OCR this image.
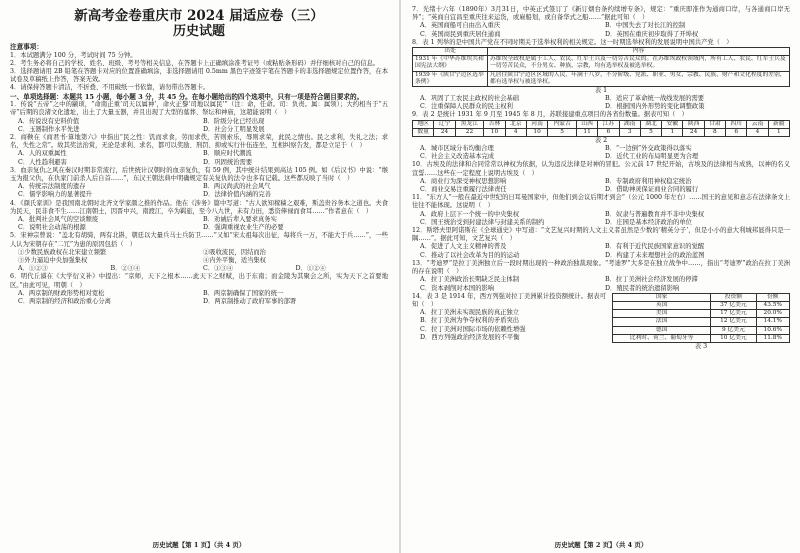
新高考金卷重庆市 2024 届适应卷（三）
历史试题
注意事项：
1．本试题满分 100 分，考试时间 75 分钟。
2．考生务必将自己的学校、姓名、班级、考号等相关信息，在答题卡上正确填涂准考证号（或粘贴条形码）并仔细核对自己的信息。
3．选择题请用 2B 铅笔在答题卡对应的位置准确填涂，非选择题请用 0.5mm 黑色字迹签字笔在答题卡的非选择题规定位置作答，在本试卷及草稿纸上作答，答案无效。
4．请保持答题卡清洁，不折叠、不用破纸一书依靠，请勿带出答题卡。
一、单项选择题：本题共 15 小题，每小题 3 分，共 45 分。在每小题给出的四个选项中，只有一项是符合题目要求的。
1．传说“五帝”之中的颛顼，“命南正重‘司天以属神’，命火正黎‘司地以属民’”（注：命，任命。司：负责。属：属领）；大约相当于“五帝”后期的良渚文化遗址，出土了大量玉器，并且出现了大型的墓葬、祭坛和神庙，这超能说明（　）
A．传说没有史料价值	B．阶级分化已经出现
C．玉器制作水平先进	D．社会分工明显发展
2．商鞅在《商君书·算地第六》中指出“民之性：饥而求食，劳而求佚，苦则索乐，辱则求荣，此民之情也。民之求利，失礼之法；求名，失性之常”。故其奖法治赏，无论是求利、求名，都可以奖励、刑罚、抑或实行什伍连坐，互相纠察告发，都是立足于（　）
A．人的双重属性	B．顺应时代潮流
C．人性趋利避害	D．巩固统治需要
3．血亲复仇之风在秦汉时期非常流行，后世统计汉朝时的血亲复仇，有 59 例，其中统计结果到高达 105 例。如《后汉书》中说：“缑玉为报父仇，在仇家门前杀人后自首……”，东汉王朝法典中明确规定有关复仇的法令也多有记载。这些都反映了当时（　）
A．传统宗法制度的遗存	B．两汉尚武的社会风气
C．儒学影响力的显著提升	D．法律价值内涵的完善
4．《颜氏家训》是我国南北朝时北齐文学家颜之推的作品。他在《涉务》篇中写道：“古人欲知稼穑之艰难，斯盖贵谷务本之道也。夫食为民天，民非食不生……江南朝士，因晋中兴，南渡江，卒为羁旅，至今八九世，未有力田，悉资俸禄而食耳……”作者意在（　）
A．批判社会风气的空谈颓废	B．劝诫后辈入要求真务实
C．说明社会动荡的根源	D．强调重视农业生产的必要
5．宋神宗曾说：“盖北有胡骑，两有北斟，朝廷以大量兵马士兵防卫……”又如“宋太祖每次出征，每将兵一万，不能大于兵……”，一些人认为宋朝存在“二冗”为患的原因包括（　）
①少数民族政权在北宋建立频繁	②吸收流民，因结而治
③外力逼迫中央加强集权	④内外平衡，适当集权
A．①②③	B．②③④	C．①③④	D．①②④
6．明代丘濬在《大学衍义补》中提出：“京师，天下之根本……此天下之财赋，出于东南；而金陵为其聚会之所，实为天下之首要地区。”由此可见，明朝（　）
A．两京制的财政形势相对宽松	B．两京制确保了国家的统一
C．两京制的经济和政治重心分离	D．两京制推动了政府军事的部署
历史试题【第 1 页】（共 4 页）
7．光绪十六年（1890年）3月31日，中英正式签订了《新订烟台条约续增专条》，规定：“重庆即准作为通商口岸，与各通商口岸无异”；“英商自宜昌至重庆往来运货，或雇船划，或自备华式之船……”据此可知（　）
A．英国商船可自由出入重庆	B．中国失去了对长江的控制
C．英国商民到重庆居住通商	D．英国在重庆初步取得了开埠权
8．表 1 列举的是中国共产党在不同时期关于选举权利的相关规定。这一时期选举权利的发展说明中国共产党（　）
出处	内容
1931 年《中华苏维埃共和国宪法大纲》	苏维埃全政权是属于工人、农民、红军士兵及一切劳苦民众的。在苏维埃政权领域内，所有工人、农民、红军士兵及一切劳苦民众，不分男女、种族、宗教，均有选举权及被选举权。
1939 年《陕甘宁边区选举条例》	凡居住陕甘宁边区区域的人民，年满十八岁，不分阶级、党派、职业、男女、宗教、民族、财产和文化程度的差别，都有选举权与被选举权。
表 1
A．巩固了工农民主政权的社会基础	B．适应了革命统一战线发展的需要
C．注重保障人民群众的民主权利	D．根据国内外形势的变化调整政策
9．表 2 是统计 1931 年 9 月至 1945 年 8 月，苏联接建重点项目的各省份数量。据表可知（　）
地区	辽宁	黑龙江	吉林	北京	河南	内蒙古	山西	江苏	湖南	湖北	安徽	陕西	甘肃	四川	云南	新疆
数量	24	22	10	4	10	5	11	6	3	5	1	24	8	6	4	1
表 2
A．城市区域分布均衡合理	B．“一边倒”外交政策得以落实
C．社会主义改造基本完成	D．近代工业的布局明显更为合理
10．古埃及的法律和合同常常以神权为依据，认为违反法律是对神的冒犯。公元前 17 世纪开始，古埃及的法律相当成熟，以神的名义宣誓……这些在一定程度上说明古埃及（　）
A．商业行为深受神权思想影响	B．专制政府利用神权稳定统治
C．商业交易注重履行法律责任	D．借助神灵保证商业合同的履行
11．“东方人”一般在最近中世纪的日耳曼国家中，但他们到会议后期才到会”（公元 1000 年左右）……国王的意见和意志在法律条文上往往不能体现。这说明（　）
A．政府上层下一个统一的中央集权	B．奴隶与普遍教育并不非中央集权
C．国王统治受到封建法律与封建关系的制约	D．庄园是基本经济政治的单位
12．斯塔夫里阿诺斯在《全球通史》中写道：“文艺复兴时期的人文主义者虽然是少数的‘精英分子’，但是小小的意大利城邦显得只是一隅……”。据此可知，文艺复兴（　）
A．促进了人文主义精神的普及	B．有利于近代民族国家意识的觉醒
C．推动了以社会改革为目的的运动	D．构建了未来理想社会的政治蓝图
13．“考迪罗”是拉丁美洲独立后一段时期出现的一种政治独裁现象。“考迪罗”大多是在独立战争中……，指出“考迪罗”政治在拉丁美洲的存在说明（　）
A．拉丁美洲政治长期缺乏民主体制	B．拉丁美洲社会经济发展的停滞
C．资本剥削对本国的影响	D．殖民者的统治遗留影响
14．表 3 是 1914 年，西方列强对拉丁美洲累计投资额统计。据表可知（　）
A．拉丁美洲未实现民族的真正独立
B．拉丁美洲为争夺权利的矛盾突出
C．拉丁美洲对国际市场的依赖性增强
D．西方列强政治经济发展的不平衡
国家	投资额	份额
英国	37 亿美元	43.5%
美国	17 亿美元	20.0%
法国	12 亿美元	14.1%
德国	9 亿美元	10.6%
比利时、荷兰、葡萄牙等	10 亿美元	11.8%
表 3
历史试题【第 2 页】（共 4 页）
